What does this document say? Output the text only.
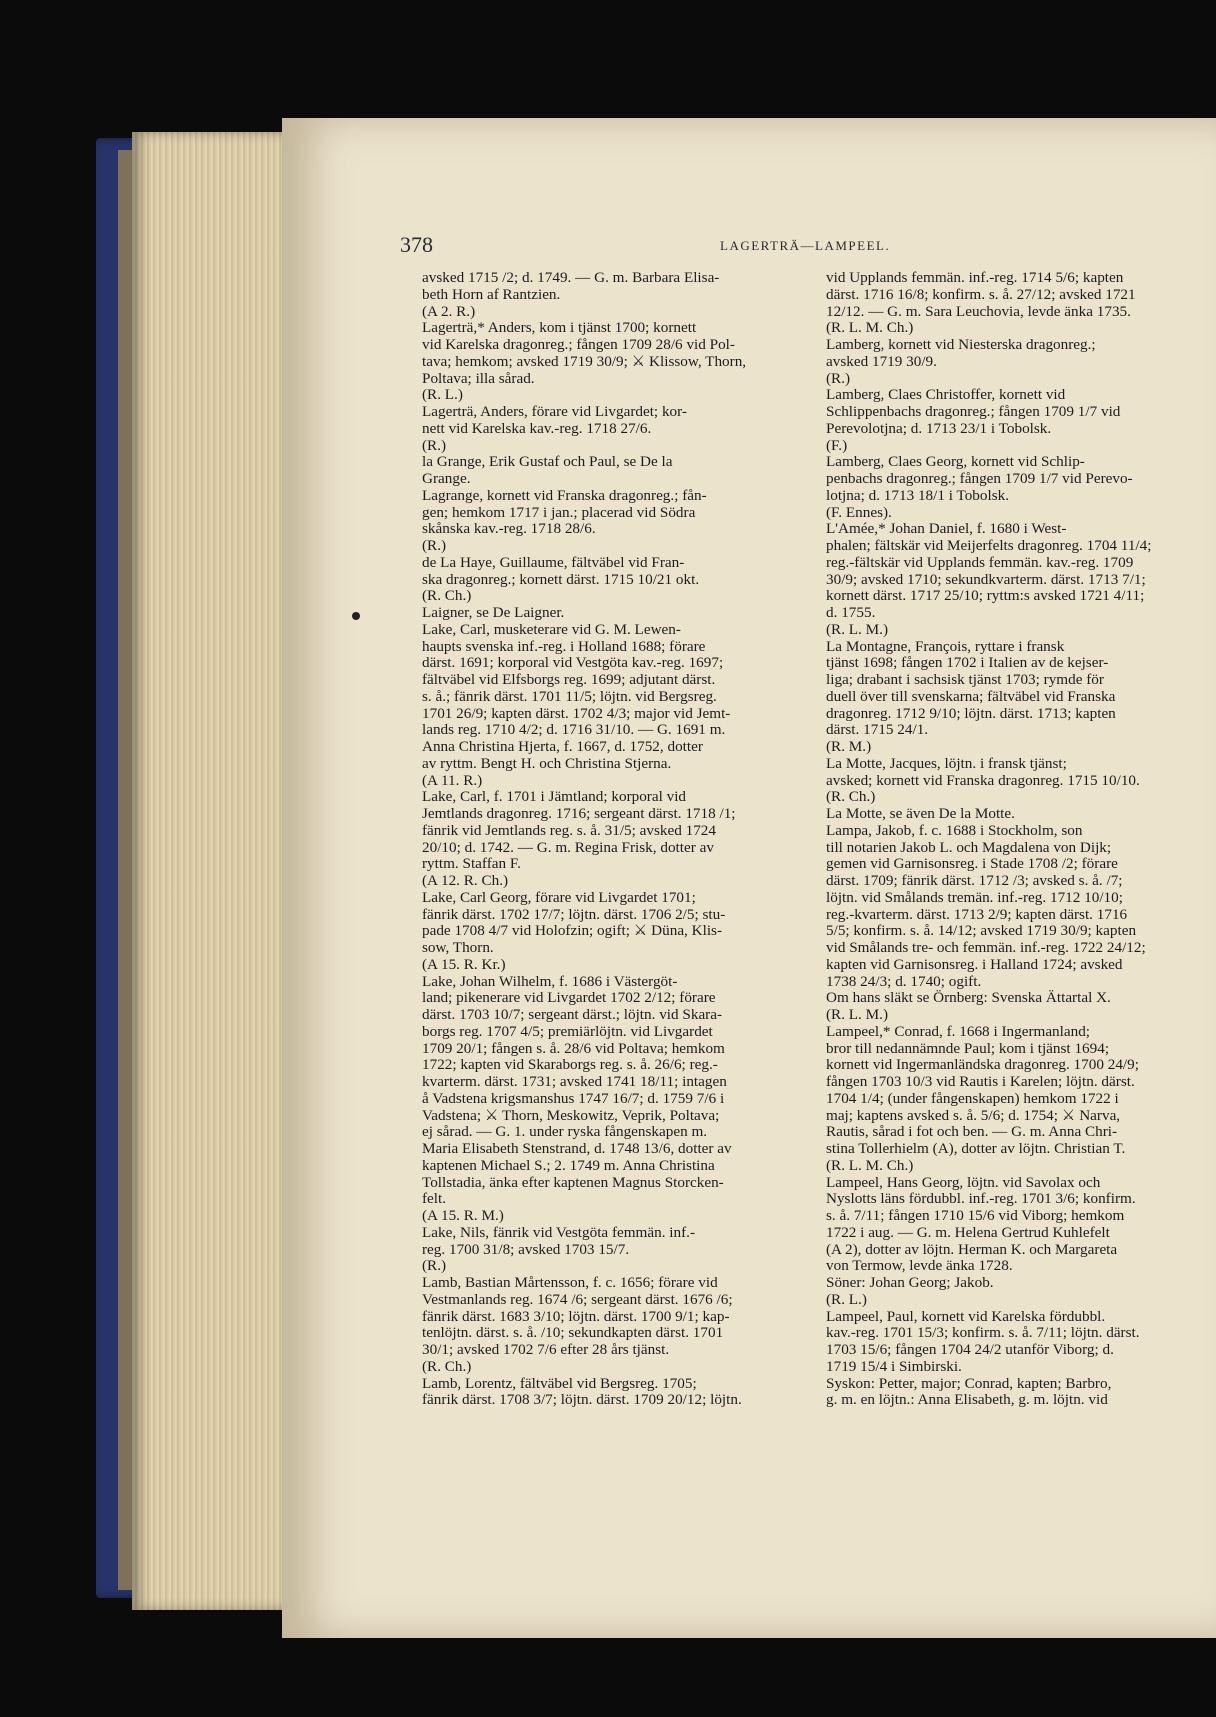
378	LAGERTRÄ—LAMPEEL.
avsked 1715 /2; d. 1749. — G. m. Barbara Elisa-
beth Horn af Rantzien.
(A 2. R.)
Lagerträ,* Anders, kom i tjänst 1700; kornett
vid Karelska dragonreg.; fången 1709 28/6 vid Pol-
tava; hemkom; avsked 1719 30/9; ⚔ Klissow, Thorn,
Poltava; illa sårad.
(R. L.)
Lagerträ, Anders, förare vid Livgardet; kor-
nett vid Karelska kav.-reg. 1718 27/6.
(R.)
la Grange, Erik Gustaf och Paul, se De la
Grange.
Lagrange, kornett vid Franska dragonreg.; fån-
gen; hemkom 1717 i jan.; placerad vid Södra
skånska kav.-reg. 1718 28/6.
(R.)
de La Haye, Guillaume, fältväbel vid Fran-
ska dragonreg.; kornett därst. 1715 10/21 okt.
(R. Ch.)
Laigner, se De Laigner.
Lake, Carl, musketerare vid G. M. Lewen-
haupts svenska inf.-reg. i Holland 1688; förare
därst. 1691; korporal vid Vestgöta kav.-reg. 1697;
fältväbel vid Elfsborgs reg. 1699; adjutant därst.
s. å.; fänrik därst. 1701 11/5; löjtn. vid Bergsreg.
1701 26/9; kapten därst. 1702 4/3; major vid Jemt-
lands reg. 1710 4/2; d. 1716 31/10. — G. 1691 m.
Anna Christina Hjerta, f. 1667, d. 1752, dotter
av ryttm. Bengt H. och Christina Stjerna.
(A 11. R.)
Lake, Carl, f. 1701 i Jämtland; korporal vid
Jemtlands dragonreg. 1716; sergeant därst. 1718 /1;
fänrik vid Jemtlands reg. s. å. 31/5; avsked 1724
20/10; d. 1742. — G. m. Regina Frisk, dotter av
ryttm. Staffan F.
(A 12. R. Ch.)
Lake, Carl Georg, förare vid Livgardet 1701;
fänrik därst. 1702 17/7; löjtn. därst. 1706 2/5; stu-
pade 1708 4/7 vid Holofzin; ogift; ⚔ Düna, Klis-
sow, Thorn.
(A 15. R. Kr.)
Lake, Johan Wilhelm, f. 1686 i Västergöt-
land; pikenerare vid Livgardet 1702 2/12; förare
därst. 1703 10/7; sergeant därst.; löjtn. vid Skara-
borgs reg. 1707 4/5; premiärlöjtn. vid Livgardet
1709 20/1; fången s. å. 28/6 vid Poltava; hemkom
1722; kapten vid Skaraborgs reg. s. å. 26/6; reg.-
kvarterm. därst. 1731; avsked 1741 18/11; intagen
å Vadstena krigsmanshus 1747 16/7; d. 1759 7/6 i
Vadstena; ⚔ Thorn, Meskowitz, Veprik, Poltava;
ej sårad. — G. 1. under ryska fångenskapen m.
Maria Elisabeth Stenstrand, d. 1748 13/6, dotter av
kaptenen Michael S.; 2. 1749 m. Anna Christina
Tollstadia, änka efter kaptenen Magnus Storcken-
felt.
(A 15. R. M.)
Lake, Nils, fänrik vid Vestgöta femmän. inf.-
reg. 1700 31/8; avsked 1703 15/7.
(R.)
Lamb, Bastian Mårtensson, f. c. 1656; förare vid
Vestmanlands reg. 1674 /6; sergeant därst. 1676 /6;
fänrik därst. 1683 3/10; löjtn. därst. 1700 9/1; kap-
tenlöjtn. därst. s. å. /10; sekundkapten därst. 1701
30/1; avsked 1702 7/6 efter 28 års tjänst.
(R. Ch.)
Lamb, Lorentz, fältväbel vid Bergsreg. 1705;
fänrik därst. 1708 3/7; löjtn. därst. 1709 20/12; löjtn.
vid Upplands femmän. inf.-reg. 1714 5/6; kapten
därst. 1716 16/8; konfirm. s. å. 27/12; avsked 1721
12/12. — G. m. Sara Leuchovia, levde änka 1735.
(R. L. M. Ch.)
Lamberg, kornett vid Niesterska dragonreg.;
avsked 1719 30/9.
(R.)
Lamberg, Claes Christoffer, kornett vid
Schlippenbachs dragonreg.; fången 1709 1/7 vid
Perevolotjna; d. 1713 23/1 i Tobolsk.
(F.)
Lamberg, Claes Georg, kornett vid Schlip-
penbachs dragonreg.; fången 1709 1/7 vid Perevo-
lotjna; d. 1713 18/1 i Tobolsk.
(F. Ennes).
L'Amée,* Johan Daniel, f. 1680 i West-
phalen; fältskär vid Meijerfelts dragonreg. 1704 11/4;
reg.-fältskär vid Upplands femmän. kav.-reg. 1709
30/9; avsked 1710; sekundkvarterm. därst. 1713 7/1;
kornett därst. 1717 25/10; ryttm:s avsked 1721 4/11;
d. 1755.
(R. L. M.)
La Montagne, François, ryttare i fransk
tjänst 1698; fången 1702 i Italien av de kejser-
liga; drabant i sachsisk tjänst 1703; rymde för
duell över till svenskarna; fältväbel vid Franska
dragonreg. 1712 9/10; löjtn. därst. 1713; kapten
därst. 1715 24/1.
(R. M.)
La Motte, Jacques, löjtn. i fransk tjänst;
avsked; kornett vid Franska dragonreg. 1715 10/10.
(R. Ch.)
La Motte, se även De la Motte.
Lampa, Jakob, f. c. 1688 i Stockholm, son
till notarien Jakob L. och Magdalena von Dijk;
gemen vid Garnisonsreg. i Stade 1708 /2; förare
därst. 1709; fänrik därst. 1712 /3; avsked s. å. /7;
löjtn. vid Smålands tremän. inf.-reg. 1712 10/10;
reg.-kvarterm. därst. 1713 2/9; kapten därst. 1716
5/5; konfirm. s. å. 14/12; avsked 1719 30/9; kapten
vid Smålands tre- och femmän. inf.-reg. 1722 24/12;
kapten vid Garnisonsreg. i Halland 1724; avsked
1738 24/3; d. 1740; ogift.
Om hans släkt se Örnberg: Svenska Ättartal X.
(R. L. M.)
Lampeel,* Conrad, f. 1668 i Ingermanland;
bror till nedannämnde Paul; kom i tjänst 1694;
kornett vid Ingermanländska dragonreg. 1700 24/9;
fången 1703 10/3 vid Rautis i Karelen; löjtn. därst.
1704 1/4; (under fångenskapen) hemkom 1722 i
maj; kaptens avsked s. å. 5/6; d. 1754; ⚔ Narva,
Rautis, sårad i fot och ben. — G. m. Anna Chri-
stina Tollerhielm (A), dotter av löjtn. Christian T.
(R. L. M. Ch.)
Lampeel, Hans Georg, löjtn. vid Savolax och
Nyslotts läns fördubbl. inf.-reg. 1701 3/6; konfirm.
s. å. 7/11; fången 1710 15/6 vid Viborg; hemkom
1722 i aug. — G. m. Helena Gertrud Kuhlefelt
(A 2), dotter av löjtn. Herman K. och Margareta
von Termow, levde änka 1728.
Söner: Johan Georg; Jakob.
(R. L.)
Lampeel, Paul, kornett vid Karelska fördubbl.
kav.-reg. 1701 15/3; konfirm. s. å. 7/11; löjtn. därst.
1703 15/6; fången 1704 24/2 utanför Viborg; d.
1719 15/4 i Simbirski.
Syskon: Petter, major; Conrad, kapten; Barbro,
g. m. en löjtn.: Anna Elisabeth, g. m. löjtn. vid
